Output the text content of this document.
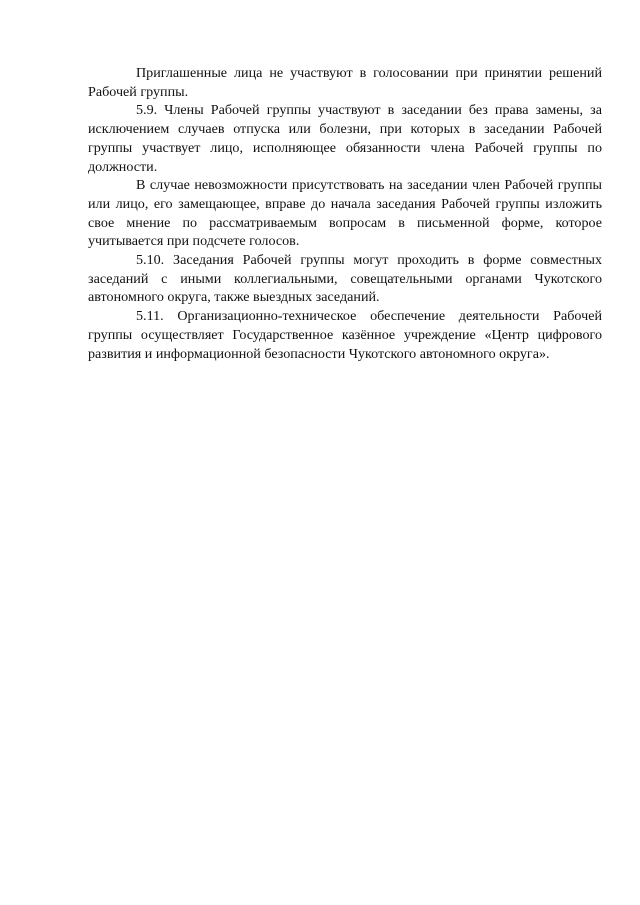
Приглашенные лица не участвуют в голосовании при принятии решений Рабочей группы.

5.9. Члены Рабочей группы участвуют в заседании без права замены, за исключением случаев отпуска или болезни, при которых в заседании Рабочей группы участвует лицо, исполняющее обязанности члена Рабочей группы по должности.

В случае невозможности присутствовать на заседании член Рабочей группы или лицо, его замещающее, вправе до начала заседания Рабочей группы изложить свое мнение по рассматриваемым вопросам в письменной форме, которое учитывается при подсчете голосов.

5.10. Заседания Рабочей группы могут проходить в форме совместных заседаний с иными коллегиальными, совещательными органами Чукотского автономного округа, также выездных заседаний.

5.11. Организационно-техническое обеспечение деятельности Рабочей группы осуществляет Государственное казённое учреждение «Центр цифрового развития и информационной безопасности Чукотского автономного округа».
